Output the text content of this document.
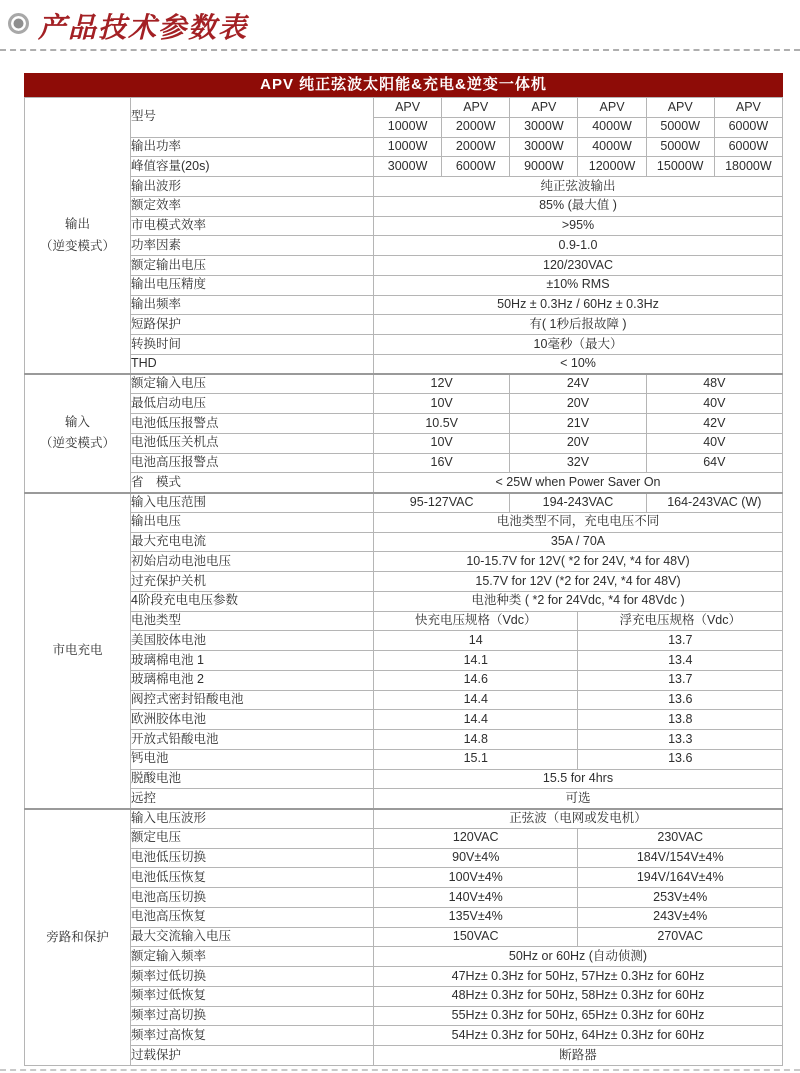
产品技术参数表
APV 纯正弦波太阳能&充电&逆变一体机
输出
（逆变模式）	型号	APV	APV	APV	APV	APV	APV
		1000W	2000W	3000W	4000W	5000W	6000W
	输出功率	1000W	2000W	3000W	4000W	5000W	6000W
	峰值容量(20s)	3000W	6000W	9000W	12000W	15000W	18000W
	输出波形	纯正弦波输出					
	额定效率	85% (最大值 )					
	市电模式效率	>95%					
	功率因素	0.9-1.0					
	额定输出电压	120/230VAC					
	输出电压精度	±10% RMS					
	输出频率	50Hz ± 0.3Hz / 60Hz ± 0.3Hz					
	短路保护	有( 1秒后报故障 )					
	转换时间	10毫秒（最大）					
	THD	< 10%					

输入
（逆变模式）	额定输入电压	12V		24V		48V	
	最低启动电压	10V		20V		40V	
	电池低压报警点	10.5V		21V		42V	
	电池低压关机点	10V		20V		40V	
	电池高压报警点	16V		32V		64V	
	省　模式	< 25W when Power Saver On					

市电充电	输入电压范围	95-127VAC		194-243VAC		164-243VAC (W)	
	输出电压	电池类型不同，充电电压不同					
	最大充电电流	35A / 70A					
	初始启动电池电压	10-15.7V for 12V( *2 for 24V, *4 for 48V)					
	过充保护关机	15.7V for 12V (*2 for 24V, *4 for 48V)					
	4阶段充电电压参数	电池种类 ( *2 for 24Vdc, *4 for 48Vdc )					
	电池类型	快充电压规格（Vdc）			浮充电压规格（Vdc）		
	美国胶体电池	14			13.7		
	玻璃棉电池 1	14.1			13.4		
	玻璃棉电池 2	14.6			13.7		
	阀控式密封铅酸电池	14.4			13.6		
	欧洲胶体电池	14.4			13.8		
	开放式铅酸电池	14.8			13.3		
	钙电池	15.1			13.6		
	脱酸电池	15.5 for 4hrs					
	远控	可选					

旁路和保护	输入电压波形	正弦波（电网或发电机）					
	额定电压	120VAC			230VAC		
	电池低压切换	90V±4%			184V/154V±4%		
	电池低压恢复	100V±4%			194V/164V±4%		
	电池高压切换	140V±4%			253V±4%		
	电池高压恢复	135V±4%			243V±4%		
	最大交流输入电压	150VAC			270VAC		
	额定输入频率	50Hz or 60Hz (自动侦测)					
	频率过低切换	47Hz± 0.3Hz for 50Hz, 57Hz± 0.3Hz for 60Hz					
	频率过低恢复	48Hz± 0.3Hz for 50Hz, 58Hz± 0.3Hz for 60Hz					
	频率过高切换	55Hz± 0.3Hz for 50Hz, 65Hz± 0.3Hz for 60Hz					
	频率过高恢复	54Hz± 0.3Hz for 50Hz, 64Hz± 0.3Hz for 60Hz					
	过载保护	断路器					
